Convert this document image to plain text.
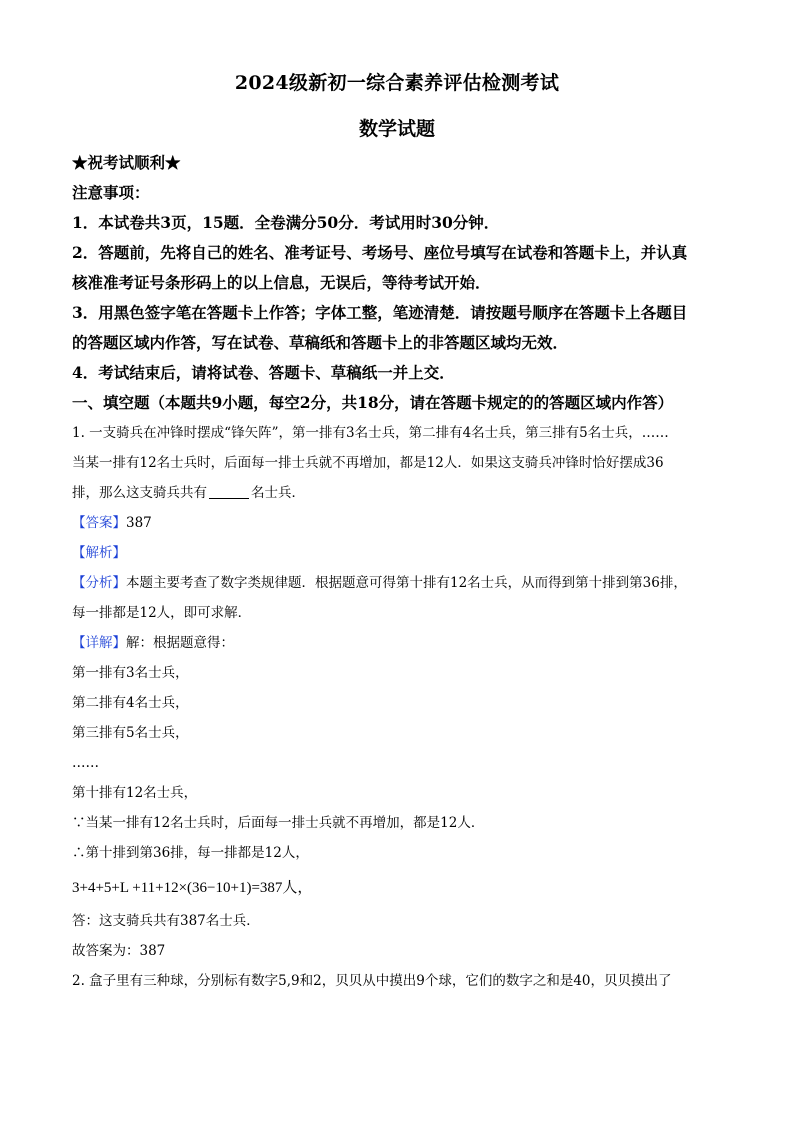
2024级新初一综合素养评估检测考试
数学试题
★祝考试顺利★
注意事项：
1．本试卷共3页，15题．全卷满分50分．考试用时30分钟．
2．答题前，先将自己的姓名、准考证号、考场号、座位号填写在试卷和答题卡上，并认真
核准准考证号条形码上的以上信息，无误后，等待考试开始．
3．用黑色签字笔在答题卡上作答；字体工整，笔迹清楚．请按题号顺序在答题卡上各题目
的答题区域内作答，写在试卷、草稿纸和答题卡上的非答题区域均无效．
4．考试结束后，请将试卷、答题卡、草稿纸一并上交．
一、填空题（本题共9小题，每空2分，共18分，请在答题卡规定的的答题区域内作答）
1. 一支骑兵在冲锋时摆成“锋矢阵”，第一排有3名士兵，第二排有4名士兵，第三排有5名士兵，……
当某一排有12名士兵时，后面每一排士兵就不再增加，都是12人．如果这支骑兵冲锋时恰好摆成36
排，那么这支骑兵共有	名士兵．
【答案】387
【解析】
【分析】本题主要考查了数字类规律题．根据题意可得第十排有12名士兵，从而得到第十排到第36排，
每一排都是12人，即可求解．
【详解】解：根据题意得：
第一排有3名士兵，
第二排有4名士兵，
第三排有5名士兵，
……
第十排有12名士兵，
∵当某一排有12名士兵时，后面每一排士兵就不再增加，都是12人．
∴第十排到第36排，每一排都是12人，
3+4+5+L +11+12×(36−10+1)=387人，
答：这支骑兵共有387名士兵．
故答案为：387
2. 盒子里有三种球，分别标有数字5,9和2，贝贝从中摸出9个球，它们的数字之和是40，贝贝摸出了
